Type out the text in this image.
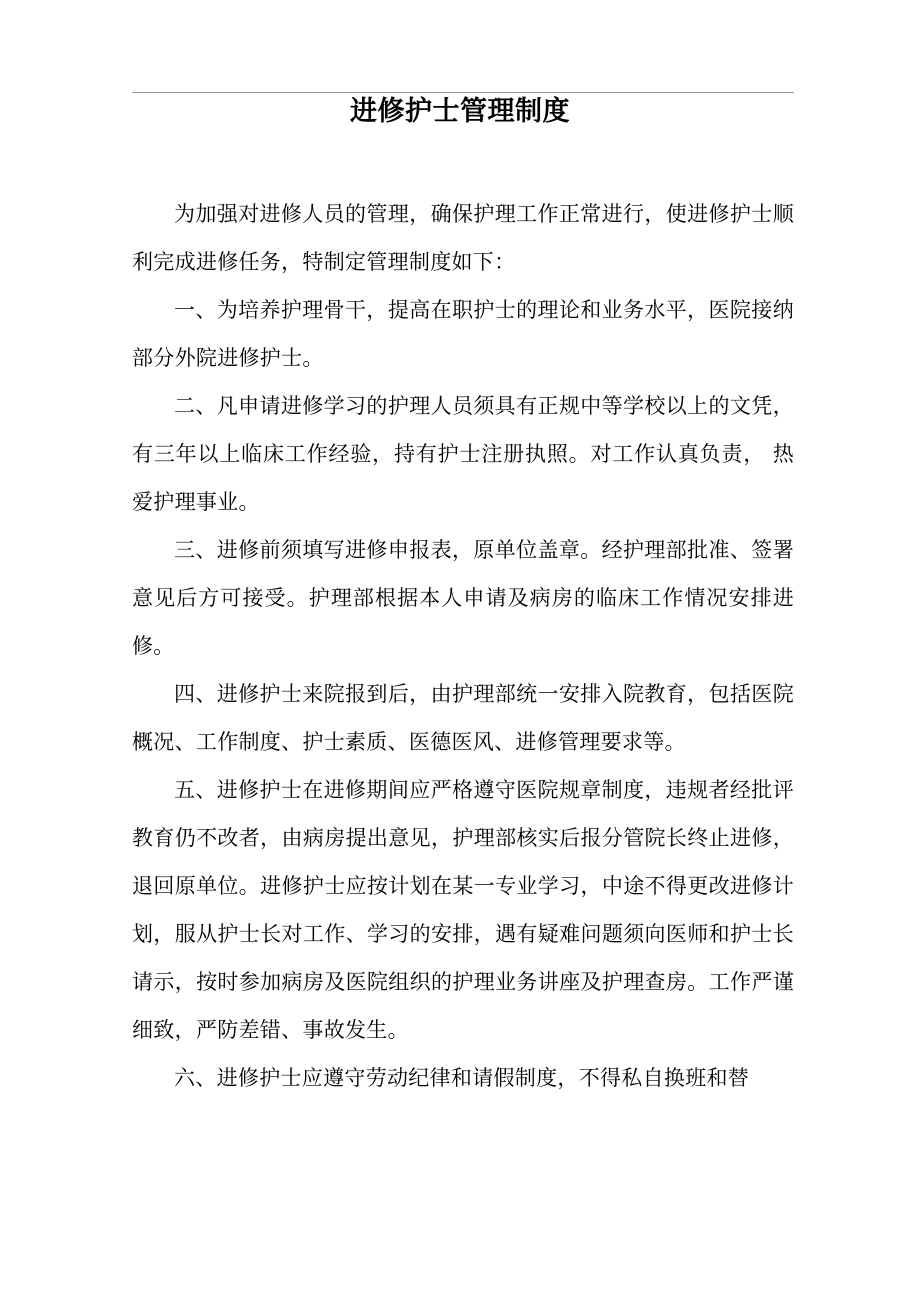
进修护士管理制度

为加强对进修人员的管理，确保护理工作正常进行，使进修护士顺利完成进修任务，特制定管理制度如下：

一、为培养护理骨干，提高在职护士的理论和业务水平，医院接纳部分外院进修护士。

二、凡申请进修学习的护理人员须具有正规中等学校以上的文凭，有三年以上临床工作经验，持有护士注册执照。对工作认真负责， 热爱护理事业。

三、进修前须填写进修申报表，原单位盖章。经护理部批准、签署意见后方可接受。护理部根据本人申请及病房的临床工作情况安排进修。

四、进修护士来院报到后，由护理部统一安排入院教育，包括医院概况、工作制度、护士素质、医德医风、进修管理要求等。

五、进修护士在进修期间应严格遵守医院规章制度，违规者经批评教育仍不改者，由病房提出意见，护理部核实后报分管院长终止进修，退回原单位。进修护士应按计划在某一专业学习，中途不得更改进修计划，服从护士长对工作、学习的安排，遇有疑难问题须向医师和护士长请示，按时参加病房及医院组织的护理业务讲座及护理查房。工作严谨细致，严防差错、事故发生。

六、进修护士应遵守劳动纪律和请假制度，不得私自换班和替
